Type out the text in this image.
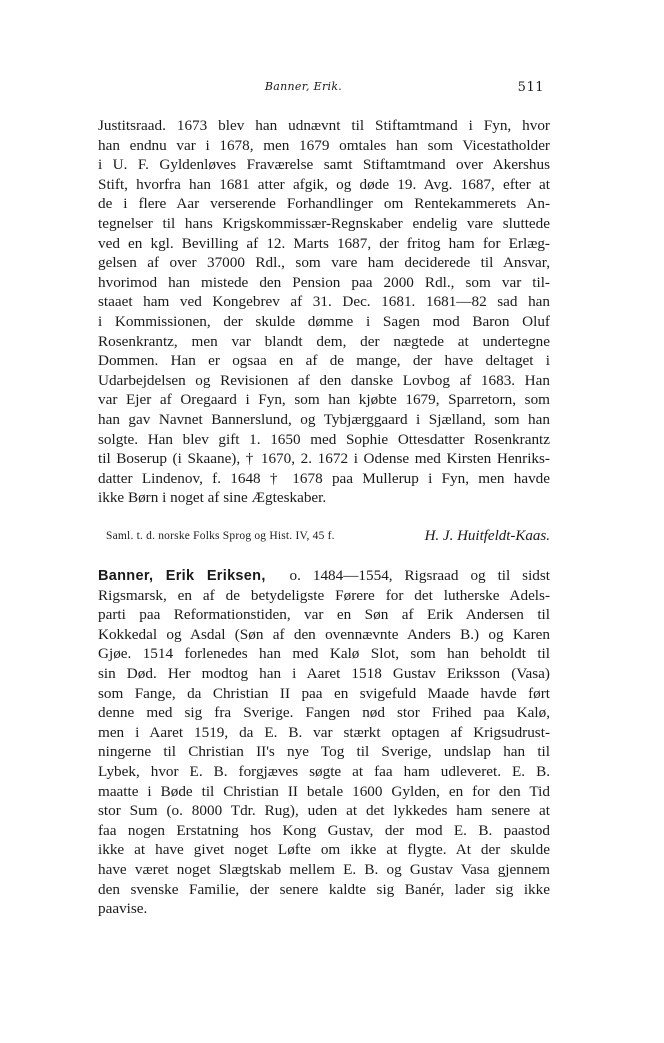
Banner, Erik.	511
Justitsraad. 1673 blev han udnævnt til Stiftamtmand i Fyn, hvor
han endnu var i 1678, men 1679 omtales han som Vicestatholder
i U. F. Gyldenløves Fraværelse samt Stiftamtmand over Akershus
Stift, hvorfra han 1681 atter afgik, og døde 19. Avg. 1687, efter at
de i flere Aar verserende Forhandlinger om Rentekammerets An-
tegnelser til hans Krigskommissær-Regnskaber endelig vare sluttede
ved en kgl. Bevilling af 12. Marts 1687, der fritog ham for Erlæg-
gelsen af over 37000 Rdl., som vare ham deciderede til Ansvar,
hvorimod han mistede den Pension paa 2000 Rdl., som var til-
staaet ham ved Kongebrev af 31. Dec. 1681. 1681—82 sad han
i Kommissionen, der skulde dømme i Sagen mod Baron Oluf
Rosenkrantz, men var blandt dem, der nægtede at undertegne
Dommen. Han er ogsaa en af de mange, der have deltaget i
Udarbejdelsen og Revisionen af den danske Lovbog af 1683. Han
var Ejer af Oregaard i Fyn, som han kjøbte 1679, Sparretorn, som
han gav Navnet Bannerslund, og Tybjærggaard i Sjælland, som han
solgte. Han blev gift 1. 1650 med Sophie Ottesdatter Rosenkrantz
til Boserup (i Skaane), † 1670, 2. 1672 i Odense med Kirsten Henriks-
datter Lindenov, f. 1648 † 1678 paa Mullerup i Fyn, men havde
ikke Børn i noget af sine Ægteskaber.
Saml. t. d. norske Folks Sprog og Hist. IV, 45 f.	H. J. Huitfeldt-Kaas.
Banner, Erik Eriksen, o. 1484—1554, Rigsraad og til sidst
Rigsmarsk, en af de betydeligste Førere for det lutherske Adels-
parti paa Reformationstiden, var en Søn af Erik Andersen til
Kokkedal og Asdal (Søn af den ovennævnte Anders B.) og Karen
Gjøe. 1514 forlenedes han med Kalø Slot, som han beholdt til
sin Død. Her modtog han i Aaret 1518 Gustav Eriksson (Vasa)
som Fange, da Christian II paa en svigefuld Maade havde ført
denne med sig fra Sverige. Fangen nød stor Frihed paa Kalø,
men i Aaret 1519, da E. B. var stærkt optagen af Krigsudrust-
ningerne til Christian II's nye Tog til Sverige, undslap han til
Lybek, hvor E. B. forgjæves søgte at faa ham udleveret. E. B.
maatte i Bøde til Christian II betale 1600 Gylden, en for den Tid
stor Sum (o. 8000 Tdr. Rug), uden at det lykkedes ham senere at
faa nogen Erstatning hos Kong Gustav, der mod E. B. paastod
ikke at have givet noget Løfte om ikke at flygte. At der skulde
have været noget Slægtskab mellem E. B. og Gustav Vasa gjennem
den svenske Familie, der senere kaldte sig Banér, lader sig ikke
paavise.
